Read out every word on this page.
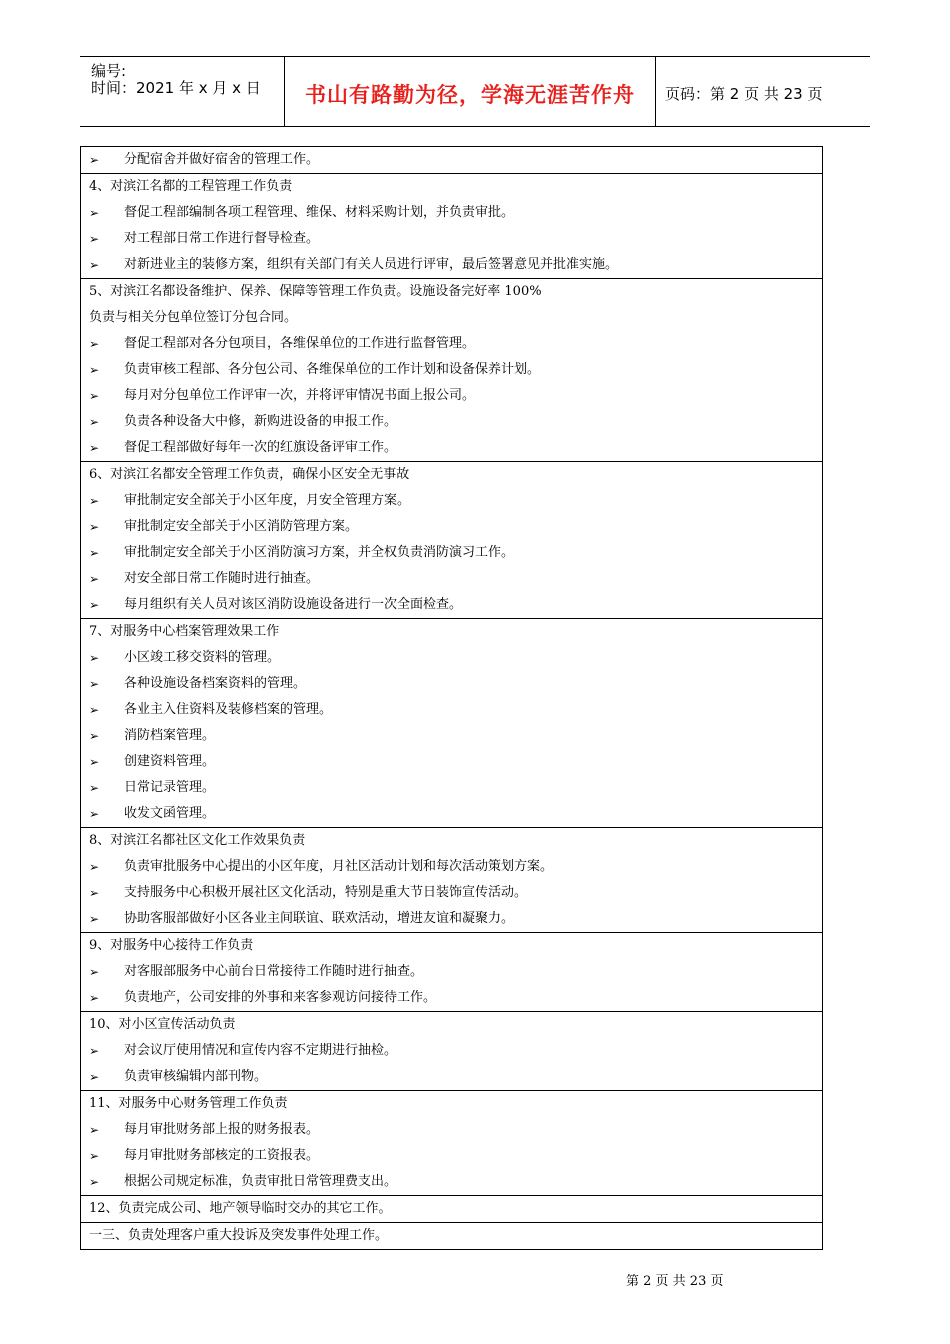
编号:
时间：2021 年 x 月 x 日	书山有路勤为径，学海无涯苦作舟	页码：第 2 页 共 23 页
➢ 分配宿舍并做好宿舍的管理工作。
4、对滨江名都的工程管理工作负责
➢ 督促工程部编制各项工程管理、维保、材料采购计划，并负责审批。
➢ 对工程部日常工作进行督导检查。
➢ 对新进业主的装修方案，组织有关部门有关人员进行评审，最后签署意见并批准实施。
5、对滨江名都设备维护、保养、保障等管理工作负责。设施设备完好率 100%
负责与相关分包单位签订分包合同。
➢ 督促工程部对各分包项目，各维保单位的工作进行监督管理。
➢ 负责审核工程部、各分包公司、各维保单位的工作计划和设备保养计划。
➢ 每月对分包单位工作评审一次，并将评审情况书面上报公司。
➢ 负责各种设备大中修，新购进设备的申报工作。
➢ 督促工程部做好每年一次的红旗设备评审工作。
6、对滨江名都安全管理工作负责，确保小区安全无事故
➢ 审批制定安全部关于小区年度，月安全管理方案。
➢ 审批制定安全部关于小区消防管理方案。
➢ 审批制定安全部关于小区消防演习方案，并全权负责消防演习工作。
➢ 对安全部日常工作随时进行抽查。
➢ 每月组织有关人员对该区消防设施设备进行一次全面检查。
7、对服务中心档案管理效果工作
➢ 小区竣工移交资料的管理。
➢ 各种设施设备档案资料的管理。
➢ 各业主入住资料及装修档案的管理。
➢ 消防档案管理。
➢ 创建资料管理。
➢ 日常记录管理。
➢ 收发文函管理。
8、对滨江名都社区文化工作效果负责
➢ 负责审批服务中心提出的小区年度，月社区活动计划和每次活动策划方案。
➢ 支持服务中心积极开展社区文化活动，特别是重大节日装饰宣传活动。
➢ 协助客服部做好小区各业主间联谊、联欢活动，增进友谊和凝聚力。
9、对服务中心接待工作负责
➢ 对客服部服务中心前台日常接待工作随时进行抽查。
➢ 负责地产，公司安排的外事和来客参观访问接待工作。
10、对小区宣传活动负责
➢ 对会议厅使用情况和宣传内容不定期进行抽检。
➢ 负责审核编辑内部刊物。
11、对服务中心财务管理工作负责
➢ 每月审批财务部上报的财务报表。
➢ 每月审批财务部核定的工资报表。
➢ 根据公司规定标准，负责审批日常管理费支出。
12、负责完成公司、地产领导临时交办的其它工作。
一三、负责处理客户重大投诉及突发事件处理工作。
第 2 页 共 23 页
